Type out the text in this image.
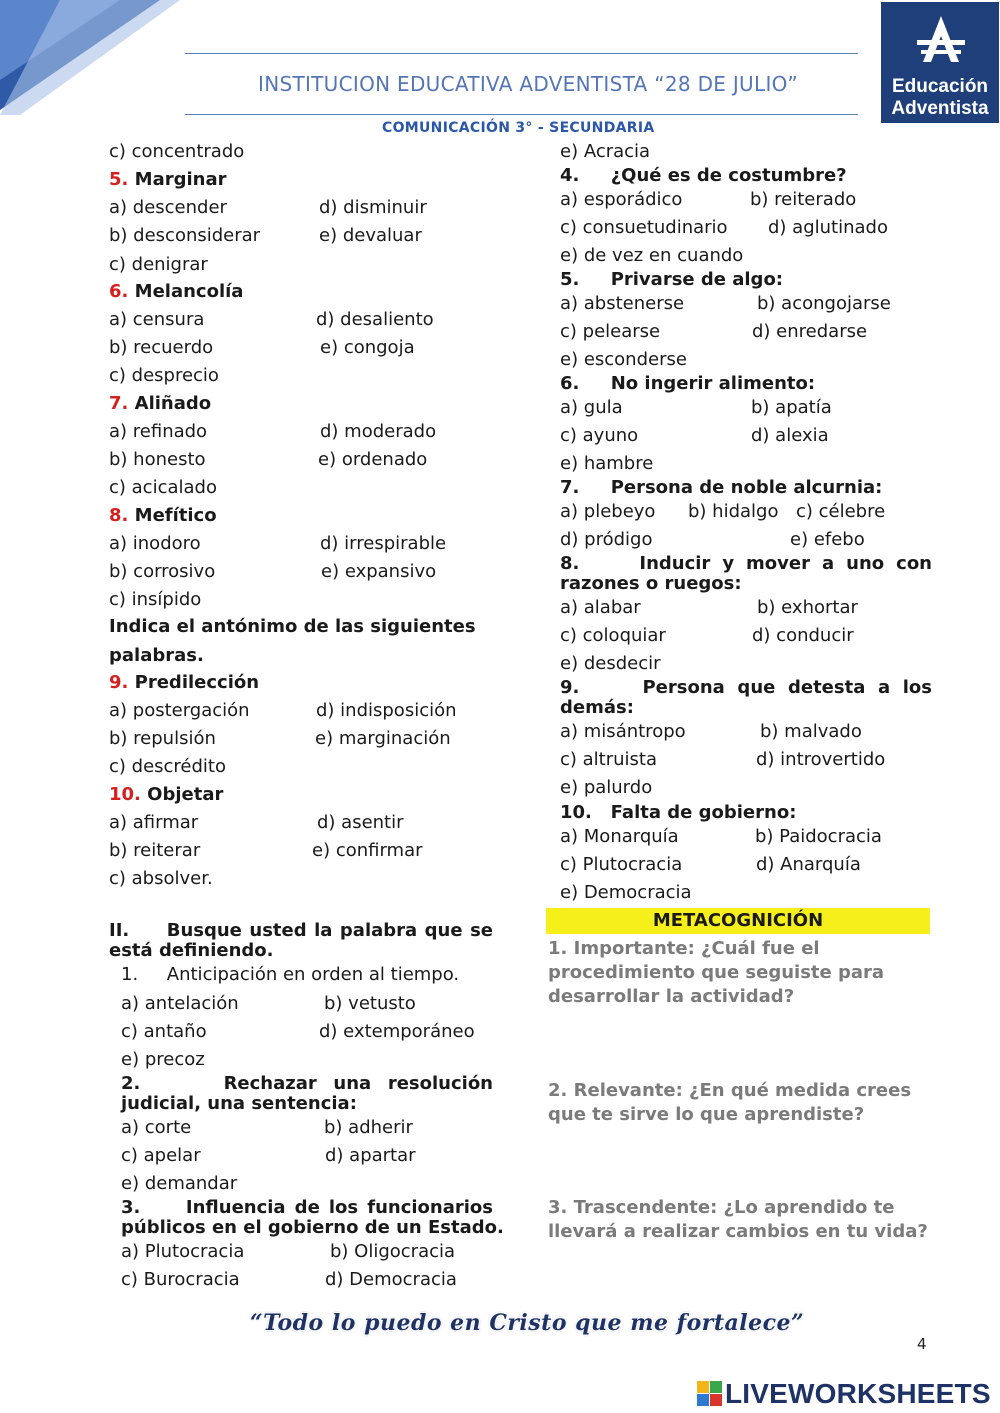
INSTITUCION EDUCATIVA ADVENTISTA “28 DE JULIO”
COMUNICACIÓN 3° - SECUNDARIA
Educación
Adventista
c) concentrado
5. Marginar
a) descender	d) disminuir
b) desconsiderar	e) devaluar
c) denigrar
6. Melancolía
a) censura	d) desaliento
b) recuerdo	e) congoja
c) desprecio
7. Aliñado
a) refinado	d) moderado
b) honesto	e) ordenado
c) acicalado
8. Mefítico
a) inodoro	d) irrespirable
b) corrosivo	e) expansivo
c) insípido
Indica el antónimo de las siguientes
palabras.
9. Predilección
a) postergación	d) indisposición
b) repulsión	e) marginación
c) descrédito
10. Objetar
a) afirmar	d) asentir
b) reiterar	e) confirmar
c) absolver.
II.     Busque usted la palabra que se
está definiendo.
1.     Anticipación en orden al tiempo.
a) antelación	b) vetusto
c) antaño	d) extemporáneo
e) precoz
2.     Rechazar una resolución
judicial, una sentencia:
a) corte	b) adherir
c) apelar	d) apartar
e) demandar
3.     Influencia de los funcionarios
públicos en el gobierno de un Estado.
a) Plutocracia	b) Oligocracia
c) Burocracia	d) Democracia
e) Acracia
4.     ¿Qué es de costumbre?
a) esporádico	b) reiterado
c) consuetudinario d) aglutinado
e) de vez en cuando
5.     Privarse de algo:
a) abstenerse	b) acongojarse
c) pelearse	d) enredarse
e) esconderse
6.     No ingerir alimento:
a) gula	b) apatía
c) ayuno	d) alexia
e) hambre
7.     Persona de noble alcurnia:
a) plebeyo b) hidalgo c) célebre
d) pródigo	e) efebo
8.     Inducir y mover a uno con
razones o ruegos:
a) alabar	b) exhortar
c) coloquiar	d) conducir
e) desdecir
9.     Persona que detesta a los
demás:
a) misántropo	b) malvado
c) altruista	d) introvertido
e) palurdo
10.   Falta de gobierno:
a) Monarquía	b) Paidocracia
c) Plutocracia	d) Anarquía
e) Democracia
METACOGNICIÓN
1. Importante: ¿Cuál fue el
procedimiento que seguiste para
desarrollar la actividad?
2. Relevante: ¿En qué medida crees
que te sirve lo que aprendiste?
3. Trascendente: ¿Lo aprendido te
llevará a realizar cambios en tu vida?
“Todo lo puedo en Cristo que me fortalece”
4
LIVEWORKSHEETS
